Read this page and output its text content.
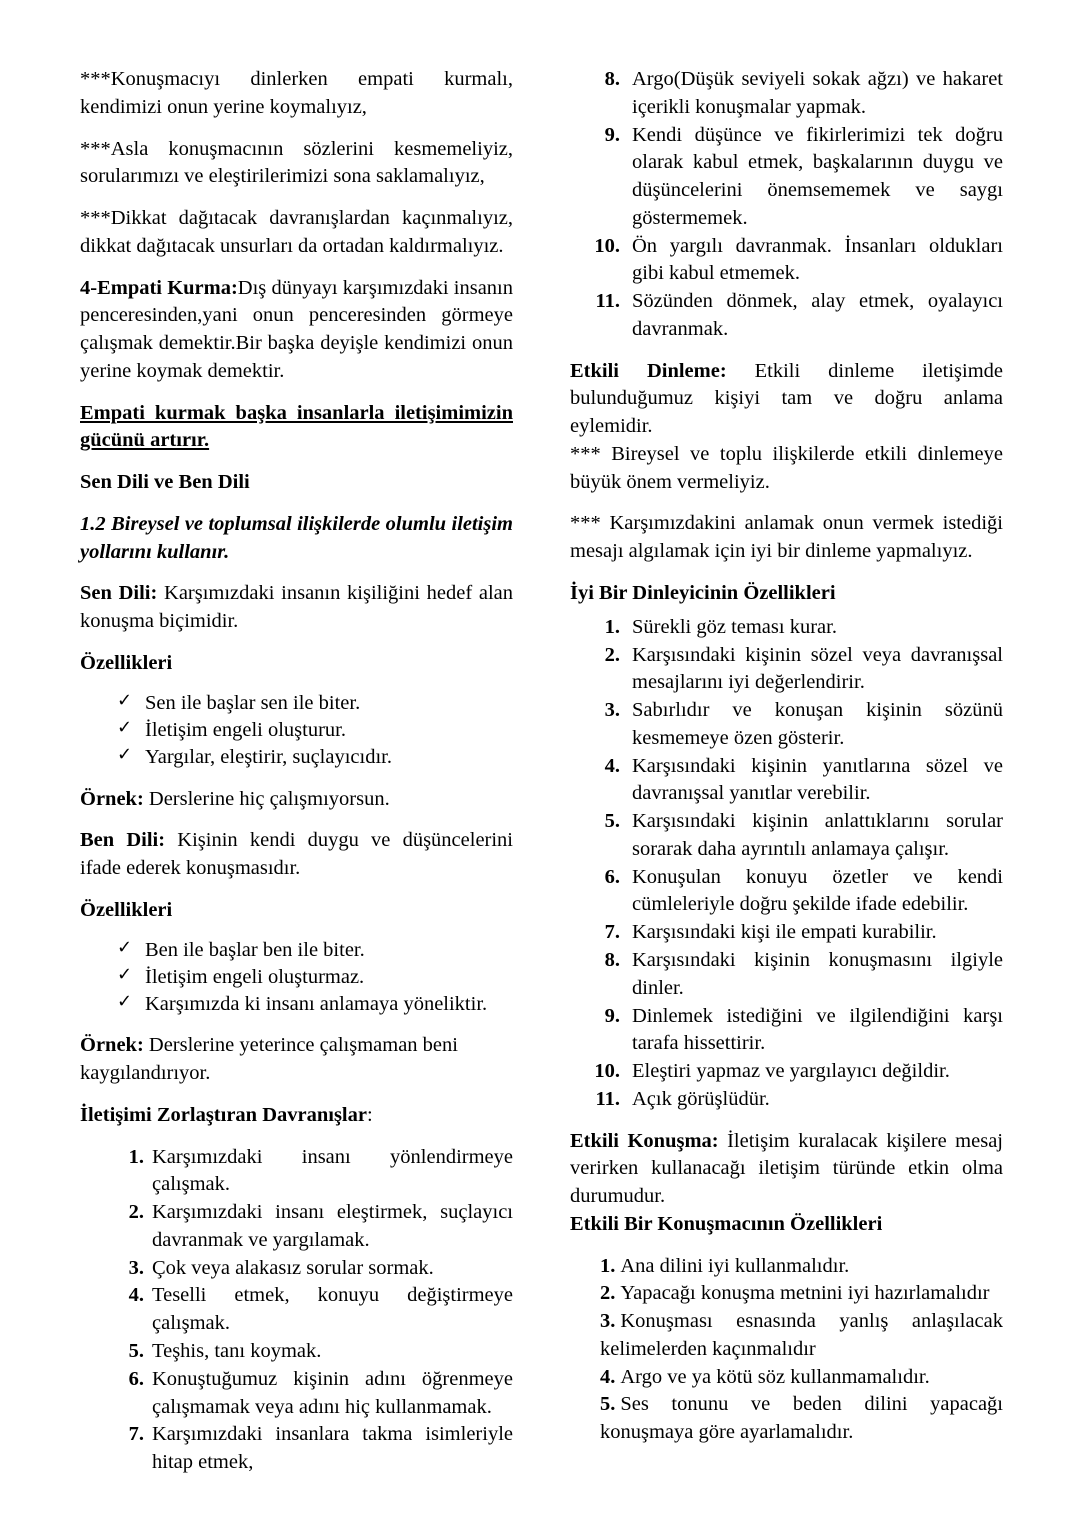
***Konuşmacıyı dinlerken empati kurmalı, kendimizi onun yerine koymalıyız,

***Asla konuşmacının sözlerini kesmemeliyiz, sorularımızı ve eleştirilerimizi sona saklamalıyız,

***Dikkat dağıtacak davranışlardan kaçınmalıyız, dikkat dağıtacak unsurları da ortadan kaldırmalıyız.

4-Empati Kurma:Dış dünyayı karşımızdaki insanın penceresinden,yani onun penceresinden görmeye çalışmak demektir.Bir başka deyişle kendimizi onun yerine koymak demektir.

Empati kurmak başka insanlarla iletişimimizin gücünü artırır.

Sen Dili ve Ben Dili

1.2 Bireysel ve toplumsal ilişkilerde olumlu iletişim yollarını kullanır.

Sen Dili: Karşımızdaki insanın kişiliğini hedef alan konuşma biçimidir.

Özellikleri

✓ Sen ile başlar sen ile biter.
✓ İletişim engeli oluşturur.
✓ Yargılar, eleştirir, suçlayıcıdır.

Örnek: Derslerine hiç çalışmıyorsun.

Ben Dili: Kişinin kendi duygu ve düşüncelerini ifade ederek konuşmasıdır.

Özellikleri

✓ Ben ile başlar ben ile biter.
✓ İletişim engeli oluşturmaz.
✓ Karşımızda ki insanı anlamaya yöneliktir.

Örnek: Derslerine yeterince çalışmaman beni kaygılandırıyor.

İletişimi Zorlaştıran Davranışlar:

1. Karşımızdaki insanı yönlendirmeye çalışmak.
2. Karşımızdaki insanı eleştirmek, suçlayıcı davranmak ve yargılamak.
3. Çok veya alakasız sorular sormak.
4. Teselli etmek, konuyu değiştirmeye çalışmak.
5. Teşhis, tanı koymak.
6. Konuştuğumuz kişinin adını öğrenmeye çalışmamak veya adını hiç kullanmamak.
7. Karşımızdaki insanlara takma isimleriyle hitap etmek,
8. Argo(Düşük seviyeli sokak ağzı) ve hakaret içerikli konuşmalar yapmak.
9. Kendi düşünce ve fikirlerimizi tek doğru olarak kabul etmek, başkalarının duygu ve düşüncelerini önemsememek ve saygı göstermemek.
10. Ön yargılı davranmak. İnsanları oldukları gibi kabul etmemek.
11. Sözünden dönmek, alay etmek, oyalayıcı davranmak.

Etkili Dinleme: Etkili dinleme iletişimde bulunduğumuz kişiyi tam ve doğru anlama eylemidir.

*** Bireysel ve toplu ilişkilerde etkili dinlemeye büyük önem vermeliyiz.

*** Karşımızdakini anlamak onun vermek istediği mesajı algılamak için iyi bir dinleme yapmalıyız.

İyi Bir Dinleyicinin Özellikleri

1. Sürekli göz teması kurar.
2. Karşısındaki kişinin sözel veya davranışsal mesajlarını iyi değerlendirir.
3. Sabırlıdır ve konuşan kişinin sözünü kesmemeye özen gösterir.
4. Karşısındaki kişinin yanıtlarına sözel ve davranışsal yanıtlar verebilir.
5. Karşısındaki kişinin anlattıklarını sorular sorarak daha ayrıntılı anlamaya çalışır.
6. Konuşulan konuyu özetler ve kendi cümleleriyle doğru şekilde ifade edebilir.
7. Karşısındaki kişi ile empati kurabilir.
8. Karşısındaki kişinin konuşmasını ilgiyle dinler.
9. Dinlemek istediğini ve ilgilendiğini karşı tarafa hissettirir.
10. Eleştiri yapmaz ve yargılayıcı değildir.
11. Açık görüşlüdür.

Etkili Konuşma: İletişim kuralacak kişilere mesaj verirken kullanacağı iletişim türünde etkin olma durumudur.

Etkili Bir Konuşmacının Özellikleri

1. Ana dilini iyi kullanmalıdır.
2. Yapacağı konuşma metnini iyi hazırlamalıdır
3. Konuşması esnasında yanlış anlaşılacak kelimelerden kaçınmalıdır
4. Argo ve ya kötü söz kullanmamalıdır.
5. Ses tonunu ve beden dilini yapacağı konuşmaya göre ayarlamalıdır.
